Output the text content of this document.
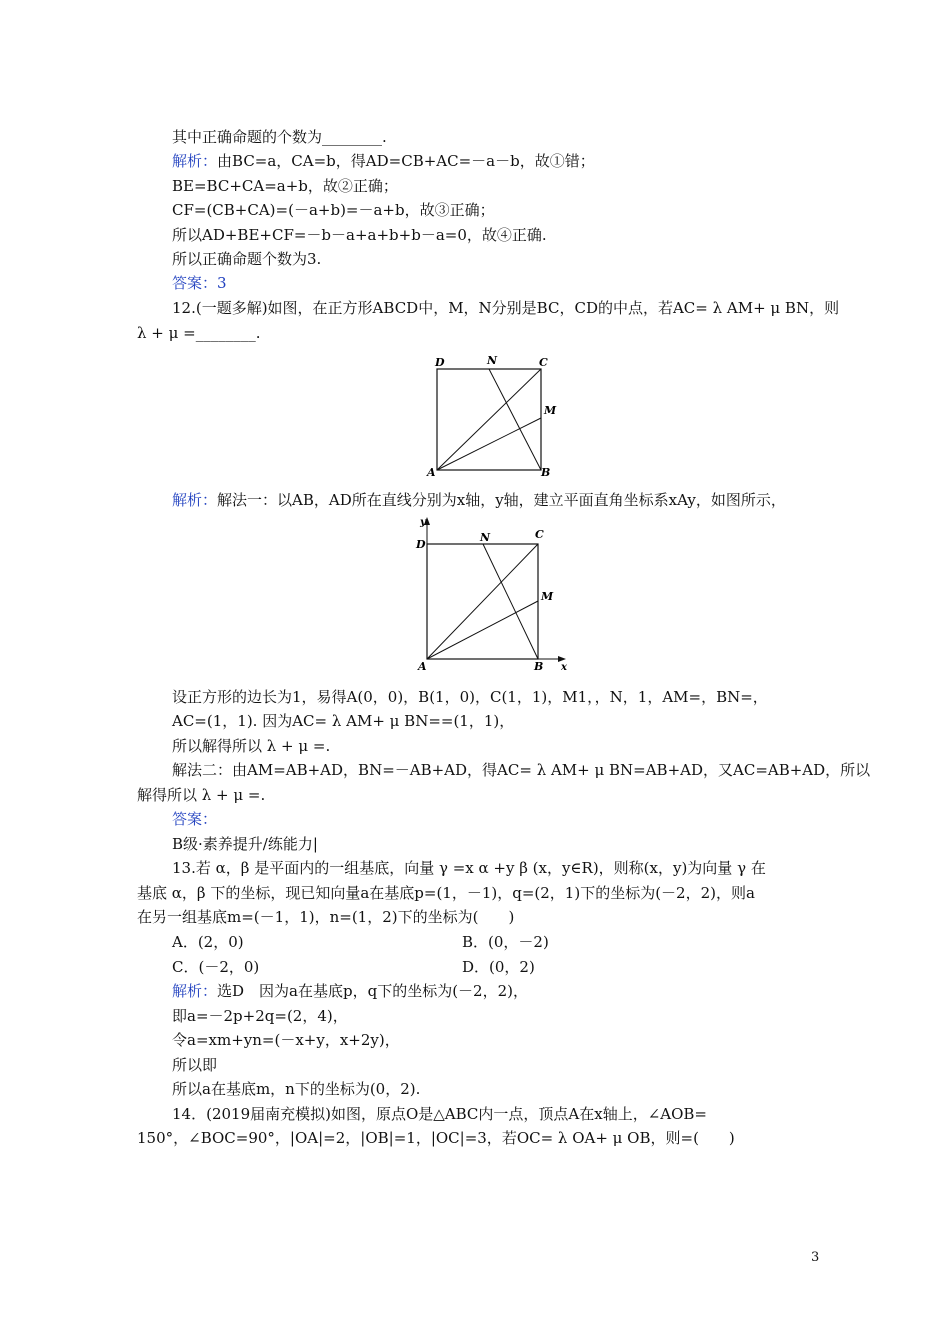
其中正确命题的个数为________.
解析：由BC=a，CA=b，得AD=CB+AC=－a－b，故①错；
BE=BC+CA=a+b，故②正确；
CF=(CB+CA)=(－a+b)=－a+b，故③正确；
所以AD+BE+CF=－b－a+a+b+b－a=0，故④正确.
所以正确命题个数为3.
答案：3
12.(一题多解)如图，在正方形ABCD中，M，N分别是BC，CD的中点，若AC= λ AM+ μ BN，则
λ + μ =________.
D	N	C
M
A	B
解析：解法一：以AB，AD所在直线分别为x轴，y轴，建立平面直角坐标系xAy，如图所示，
y
D
N	C
M
A	B x
设正方形的边长为1，易得A(0，0)，B(1，0)，C(1，1)，M1，，N，1，AM=，BN=，
AC=(1，1). 因为AC= λ AM+ μ BN==(1，1)，
所以解得所以 λ + μ =.
解法二：由AM=AB+AD，BN=－AB+AD，得AC= λ AM+ μ BN=AB+AD，又AC=AB+AD，所以
解得所以 λ + μ =.
答案：
B级·素养提升/练能力|
13.若 α，β 是平面内的一组基底，向量 γ =x α +y β (x，y∈R)，则称(x，y)为向量 γ 在
基底 α，β 下的坐标，现已知向量a在基底p=(1，－1)，q=(2，1)下的坐标为(－2，2)，则a
在另一组基底m=(－1，1)，n=(1，2)下的坐标为(　　)
A．(2，0)	B．(0，－2)
C．(－2，0)	D．(0，2)
解析：选D　因为a在基底p，q下的坐标为(－2，2)，
即a=－2p+2q=(2，4)，
令a=xm+yn=(－x+y，x+2y)，
所以即
所以a在基底m，n下的坐标为(0，2).
14．(2019届南充模拟)如图，原点O是△ABC内一点，顶点A在x轴上，∠AOB=
150°，∠BOC=90°，|OA|=2，|OB|=1，|OC|=3，若OC= λ OA+ μ OB，则=(　　)
3
